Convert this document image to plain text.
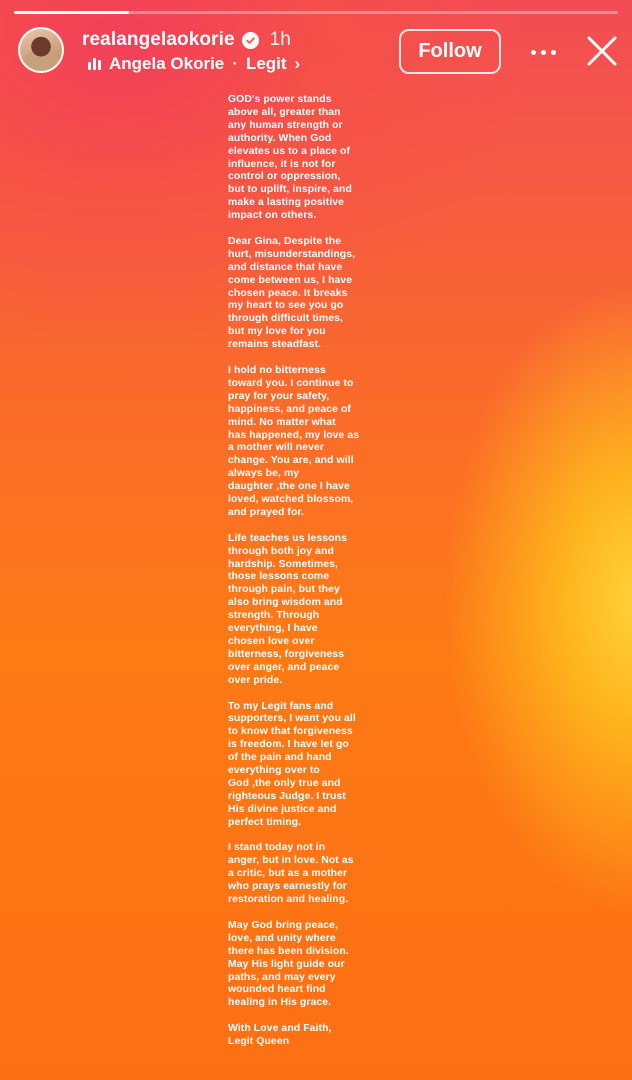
realangelaokorie 1h
Angela Okorie · Legit ›
Follow

GOD's power stands
above all, greater than
any human strength or
authority. When God
elevates us to a place of
influence, it is not for
control or oppression,
but to uplift, inspire, and
make a lasting positive
impact on others.

Dear Gina, Despite the
hurt, misunderstandings,
and distance that have
come between us, I have
chosen peace. It breaks
my heart to see you go
through difficult times,
but my love for you
remains steadfast.

I hold no bitterness
toward you. I continue to
pray for your safety,
happiness, and peace of
mind. No matter what
has happened, my love as
a mother will never
change. You are, and will
always be, my
daughter ,the one I have
loved, watched blossom,
and prayed for.

Life teaches us lessons
through both joy and
hardship. Sometimes,
those lessons come
through pain, but they
also bring wisdom and
strength. Through
everything, I have
chosen love over
bitterness, forgiveness
over anger, and peace
over pride.

To my Legit fans and
supporters, I want you all
to know that forgiveness
is freedom. I have let go
of the pain and hand
everything over to
God ,the only true and
righteous Judge. I trust
His divine justice and
perfect timing.

I stand today not in
anger, but in love. Not as
a critic, but as a mother
who prays earnestly for
restoration and healing.

May God bring peace,
love, and unity where
there has been division.
May His light guide our
paths, and may every
wounded heart find
healing in His grace.

With Love and Faith,
Legit Queen
